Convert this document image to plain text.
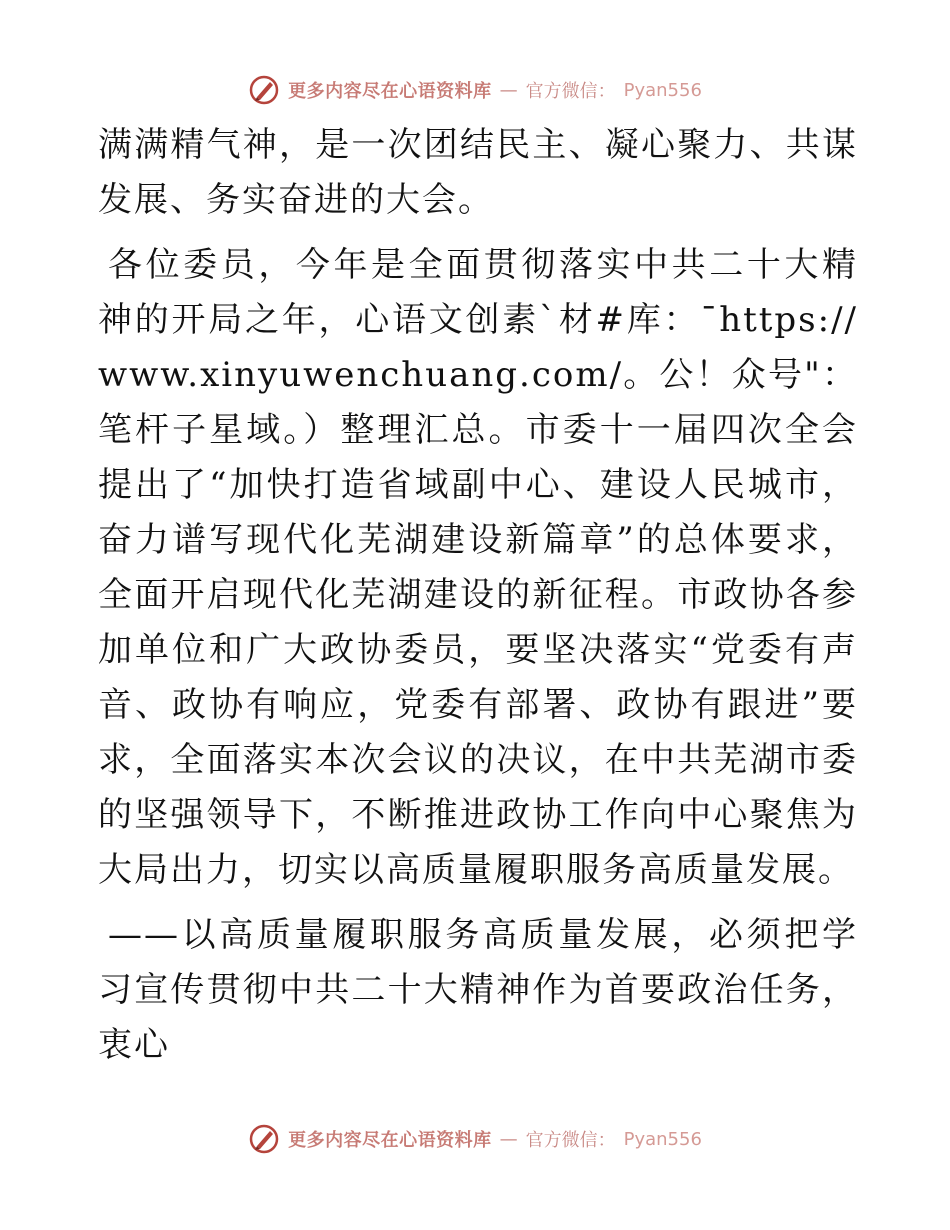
更多内容尽在心语资料库 — 官方微信： Pyan556

满满精气神，是一次团结民主、凝心聚力、共谋发展、务实奋进的大会。

各位委员，今年是全面贯彻落实中共二十大精神的开局之年，心语文创素`材#库：¯https://www.xinyuwenchuang.com/。公！众号"：笔杆子星域。）整理汇总。市委十一届四次全会提出了“加快打造省域副中心、建设人民城市，奋力谱写现代化芜湖建设新篇章”的总体要求，全面开启现代化芜湖建设的新征程。市政协各参加单位和广大政协委员，要坚决落实“党委有声音、政协有响应，党委有部署、政协有跟进”要求，全面落实本次会议的决议，在中共芜湖市委的坚强领导下，不断推进政协工作向中心聚焦为大局出力，切实以高质量履职服务高质量发展。

——以高质量履职服务高质量发展，必须把学习宣传贯彻中共二十大精神作为首要政治任务，衷心

更多内容尽在心语资料库 — 官方微信： Pyan556
